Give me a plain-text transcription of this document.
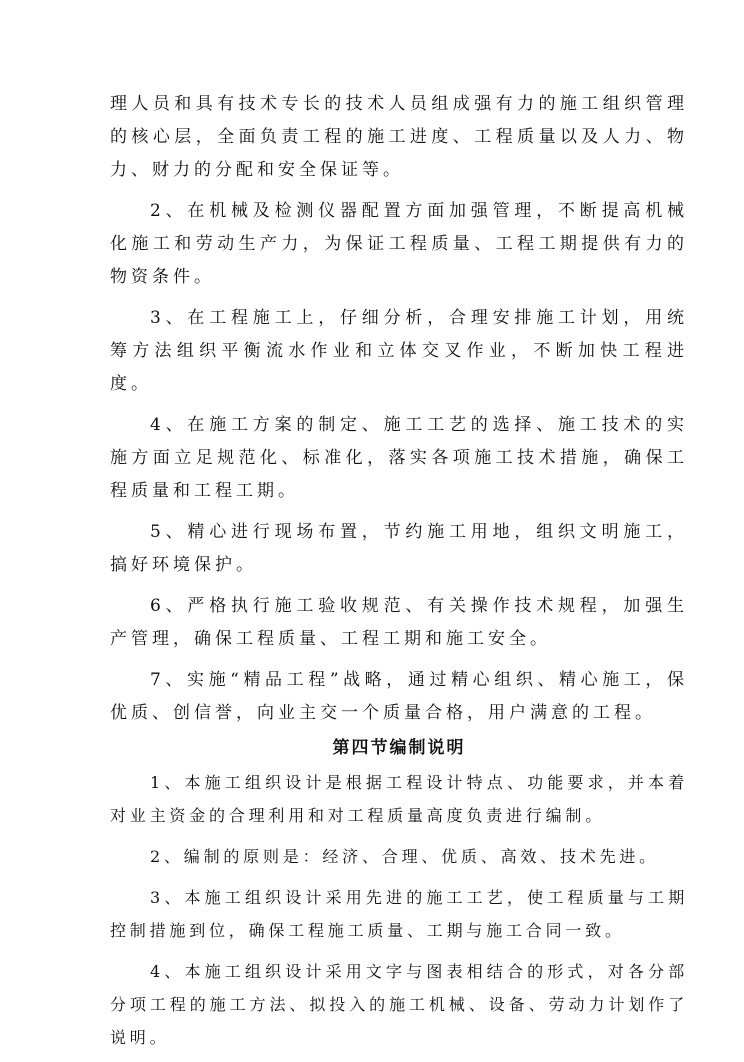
理人员和具有技术专长的技术人员组成强有力的施工组织管理的核心层，全面负责工程的施工进度、工程质量以及人力、物力、财力的分配和安全保证等。

2、在机械及检测仪器配置方面加强管理，不断提高机械化施工和劳动生产力，为保证工程质量、工程工期提供有力的物资条件。

3、在工程施工上，仔细分析，合理安排施工计划，用统筹方法组织平衡流水作业和立体交叉作业，不断加快工程进度。

4、在施工方案的制定、施工工艺的选择、施工技术的实施方面立足规范化、标准化，落实各项施工技术措施，确保工程质量和工程工期。

5、精心进行现场布置，节约施工用地，组织文明施工，搞好环境保护。

6、严格执行施工验收规范、有关操作技术规程，加强生产管理，确保工程质量、工程工期和施工安全。

7、实施“精品工程”战略，通过精心组织、精心施工，保优质、创信誉，向业主交一个质量合格，用户满意的工程。

第四节编制说明

1、本施工组织设计是根据工程设计特点、功能要求，并本着对业主资金的合理利用和对工程质量高度负责进行编制。

2、编制的原则是：经济、合理、优质、高效、技术先进。

3、本施工组织设计采用先进的施工工艺，使工程质量与工期控制措施到位，确保工程施工质量、工期与施工合同一致。

4、本施工组织设计采用文字与图表相结合的形式，对各分部分项工程的施工方法、拟投入的施工机械、设备、劳动力计划作了说明。
